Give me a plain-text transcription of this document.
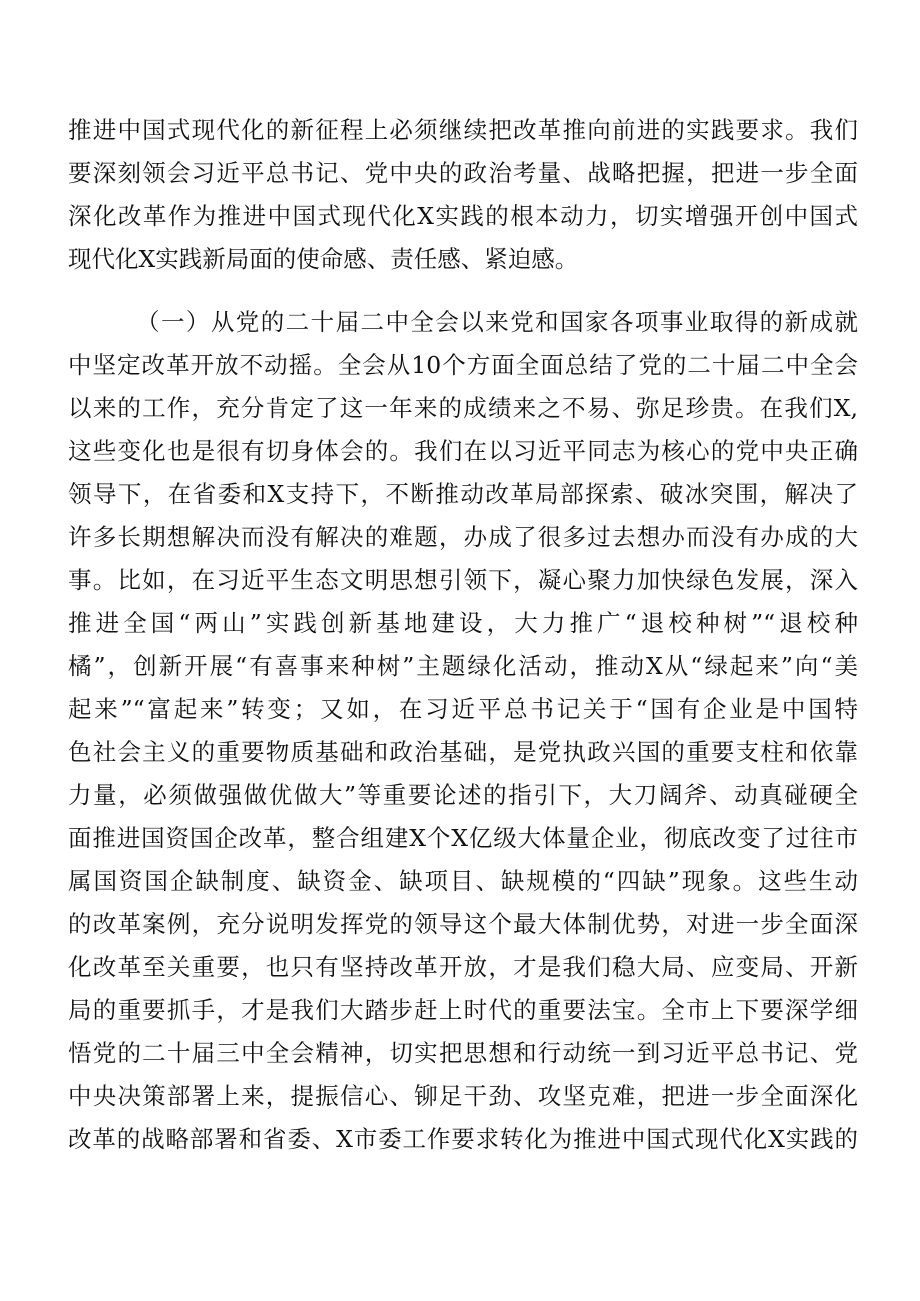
推进中国式现代化的新征程上必须继续把改革推向前进的实践要求。我们
要深刻领会习近平总书记、党中央的政治考量、战略把握，把进一步全面
深化改革作为推进中国式现代化X实践的根本动力，切实增强开创中国式
现代化X实践新局面的使命感、责任感、紧迫感。
（一）从党的二十届二中全会以来党和国家各项事业取得的新成就
中坚定改革开放不动摇。全会从10个方面全面总结了党的二十届二中全会
以来的工作，充分肯定了这一年来的成绩来之不易、弥足珍贵。在我们X,
这些变化也是很有切身体会的。我们在以习近平同志为核心的党中央正确
领导下，在省委和X支持下，不断推动改革局部探索、破冰突围，解决了
许多长期想解决而没有解决的难题，办成了很多过去想办而没有办成的大
事。比如，在习近平生态文明思想引领下，凝心聚力加快绿色发展，深入
推进全国“两山”实践创新基地建设，大力推广“退校种树”“退校种
橘”，创新开展“有喜事来种树”主题绿化活动，推动X从“绿起来”向“美
起来”“富起来”转变；又如，在习近平总书记关于“国有企业是中国特
色社会主义的重要物质基础和政治基础，是党执政兴国的重要支柱和依靠
力量，必须做强做优做大”等重要论述的指引下，大刀阔斧、动真碰硬全
面推进国资国企改革，整合组建X个X亿级大体量企业，彻底改变了过往市
属国资国企缺制度、缺资金、缺项目、缺规模的“四缺”现象。这些生动
的改革案例，充分说明发挥党的领导这个最大体制优势，对进一步全面深
化改革至关重要，也只有坚持改革开放，才是我们稳大局、应变局、开新
局的重要抓手，才是我们大踏步赶上时代的重要法宝。全市上下要深学细
悟党的二十届三中全会精神，切实把思想和行动统一到习近平总书记、党
中央决策部署上来，提振信心、铆足干劲、攻坚克难，把进一步全面深化
改革的战略部署和省委、X市委工作要求转化为推进中国式现代化X实践的
